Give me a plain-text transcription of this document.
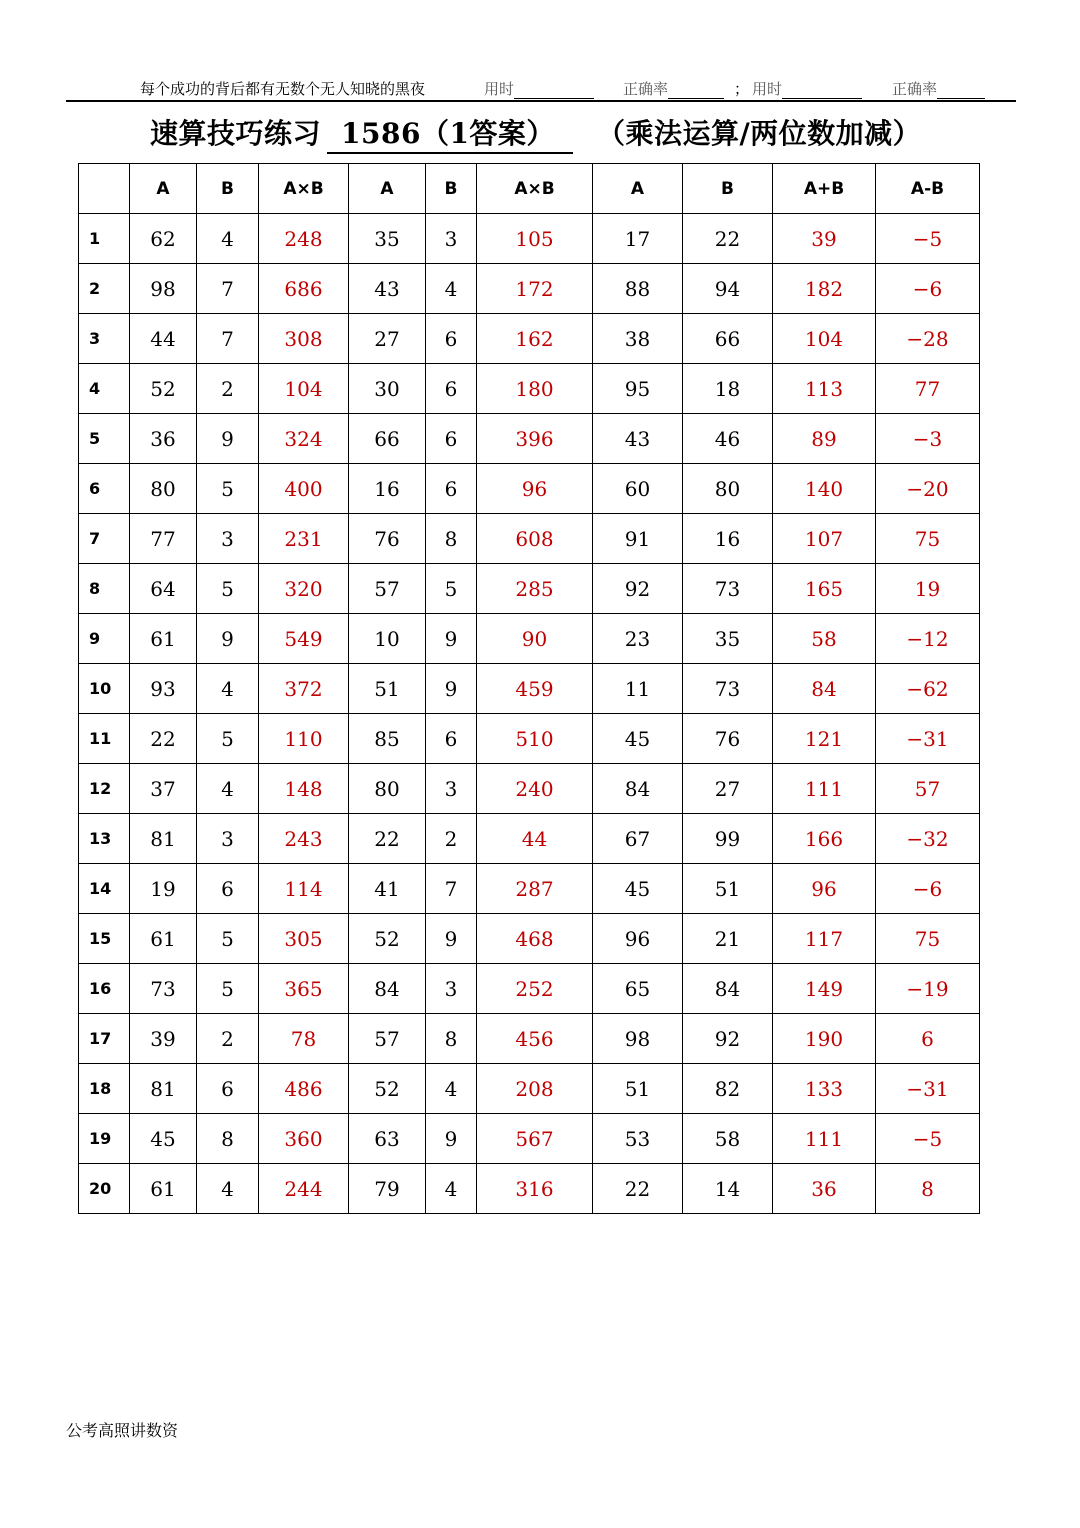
每个成功的背后都有无数个无人知晓的黑夜	用时	正确率	； 用时	正确率
速算技巧练习 1586（1答案） （乘法运算/两位数加减）
	A	B	A×B	A	B	A×B	A	B	A+B	A-B
1	62	4	248	35	3	105	17	22	39	−5
2	98	7	686	43	4	172	88	94	182	−6
3	44	7	308	27	6	162	38	66	104	−28
4	52	2	104	30	6	180	95	18	113	77
5	36	9	324	66	6	396	43	46	89	−3
6	80	5	400	16	6	96	60	80	140	−20
7	77	3	231	76	8	608	91	16	107	75
8	64	5	320	57	5	285	92	73	165	19
9	61	9	549	10	9	90	23	35	58	−12
10	93	4	372	51	9	459	11	73	84	−62
11	22	5	110	85	6	510	45	76	121	−31
12	37	4	148	80	3	240	84	27	111	57
13	81	3	243	22	2	44	67	99	166	−32
14	19	6	114	41	7	287	45	51	96	−6
15	61	5	305	52	9	468	96	21	117	75
16	73	5	365	84	3	252	65	84	149	−19
17	39	2	78	57	8	456	98	92	190	6
18	81	6	486	52	4	208	51	82	133	−31
19	45	8	360	63	9	567	53	58	111	−5
20	61	4	244	79	4	316	22	14	36	8
公考高照讲数资
